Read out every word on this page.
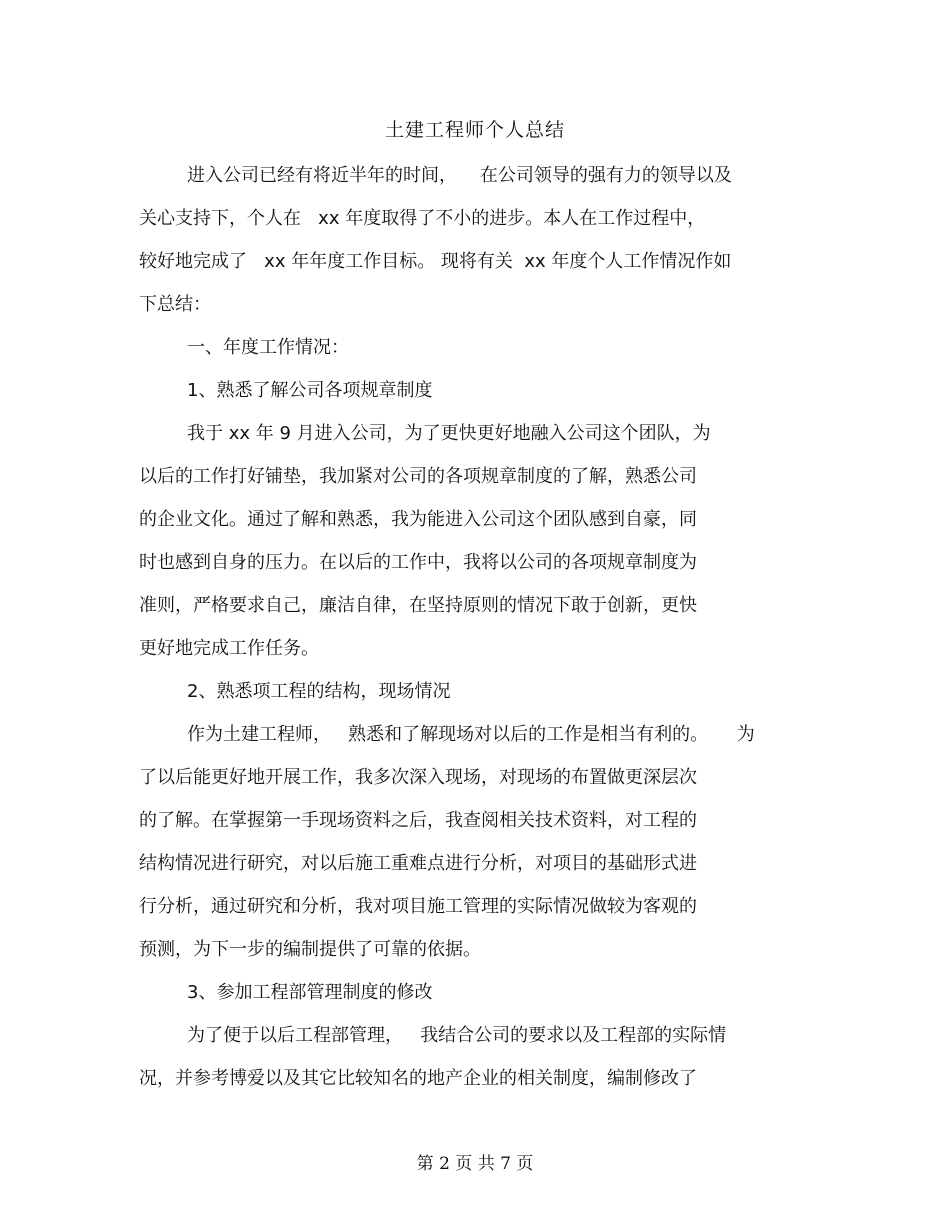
土建工程师个人总结
进入公司已经有将近半年的时间，    在公司领导的强有力的领导以及
关心支持下，个人在   xx 年度取得了不小的进步。本人在工作过程中，
较好地完成了   xx 年年度工作目标。 现将有关  xx 年度个人工作情况作如
下总结：
一、年度工作情况：
1、熟悉了解公司各项规章制度
我于 xx 年 9 月进入公司，为了更快更好地融入公司这个团队，为
以后的工作打好铺垫，我加紧对公司的各项规章制度的了解，熟悉公司
的企业文化。通过了解和熟悉，我为能进入公司这个团队感到自豪，同
时也感到自身的压力。在以后的工作中，我将以公司的各项规章制度为
准则，严格要求自己，廉洁自律，在坚持原则的情况下敢于创新，更快
更好地完成工作任务。
2、熟悉项工程的结构，现场情况
作为土建工程师，   熟悉和了解现场对以后的工作是相当有利的。     为
了以后能更好地开展工作，我多次深入现场，对现场的布置做更深层次
的了解。在掌握第一手现场资料之后，我查阅相关技术资料，对工程的
结构情况进行研究，对以后施工重难点进行分析，对项目的基础形式进
行分析，通过研究和分析，我对项目施工管理的实际情况做较为客观的
预测，为下一步的编制提供了可靠的依据。
3、参加工程部管理制度的修改
为了便于以后工程部管理，   我结合公司的要求以及工程部的实际情
况，并参考博爱以及其它比较知名的地产企业的相关制度，编制修改了
第 2 页 共 7 页
